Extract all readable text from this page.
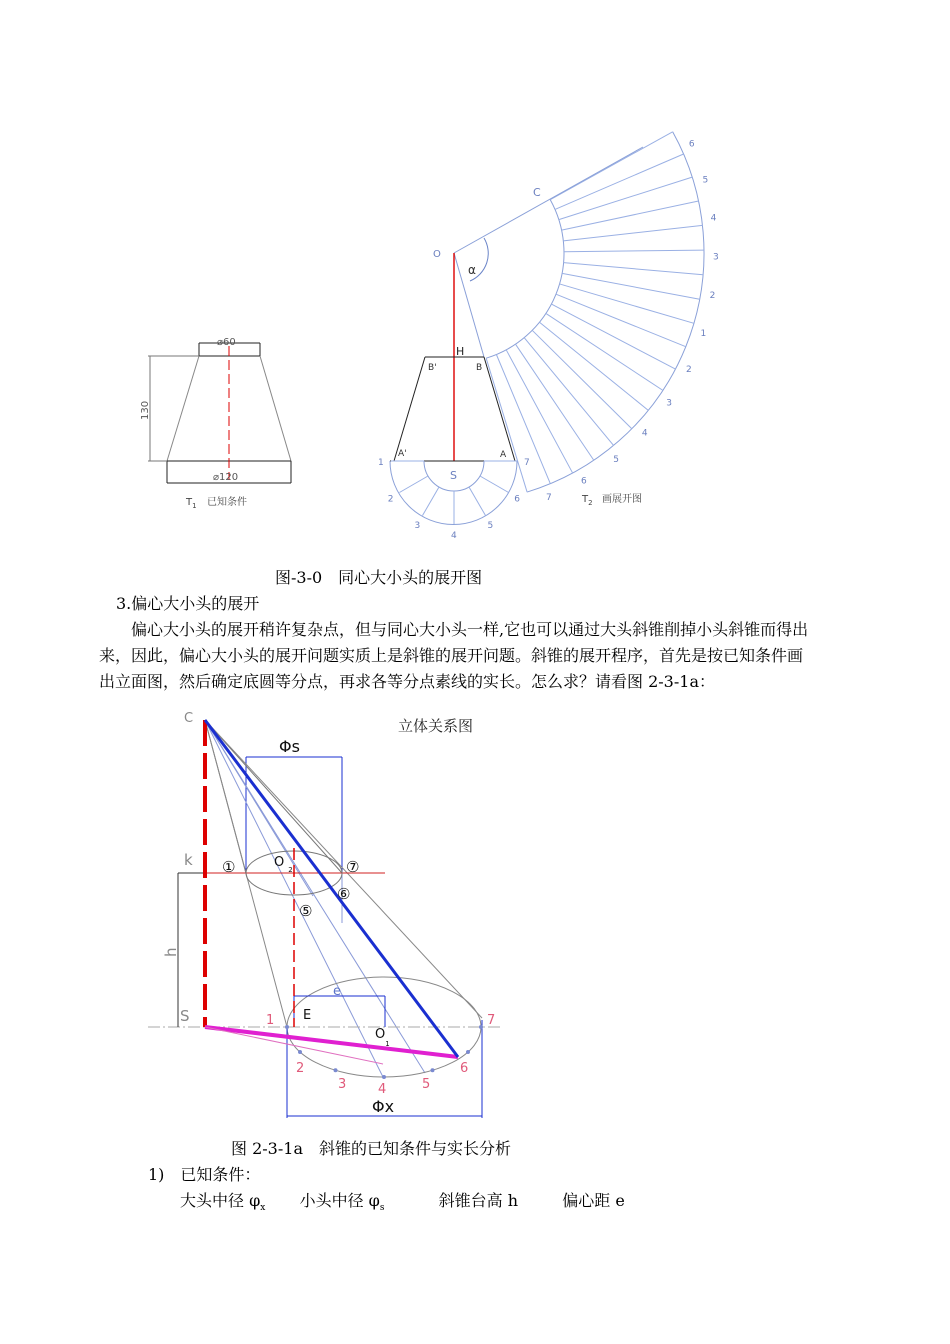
⌀60
⌀120
130
6
5
4
3
2
1
2
3
4
5
6
7
1
2
3
4
5
6
7
O
C
α
H
B'	B
A'	A
S
$T_1$ 已知条件	$T_2$ 画展开图
图-3-0　同心大小头的展开图
3.偏心大小头的展开
偏心大小头的展开稍许复杂点，但与同心大小头一样,它也可以通过大头斜锥削掉小头斜锥而得出来，因此，偏心大小头的展开问题实质上是斜锥的展开问题。斜锥的展开程序，首先是按已知条件画出立面图，然后确定底圆等分点，再求各等分点素线的实长。怎么求？请看图 2-3-1a：
立体关系图
C
k
h
S
Φs
Φx
O $_2$
$O_1$
E
e
①	⑦
⑥
⑤
1
2
3 4	5
6
7
图 2-3-1a　斜锥的已知条件与实长分析
1)　已知条件：
大头中径 $\varphi_x$ 小头中径 $\varphi_s$	斜锥台高 h	偏心距 e
